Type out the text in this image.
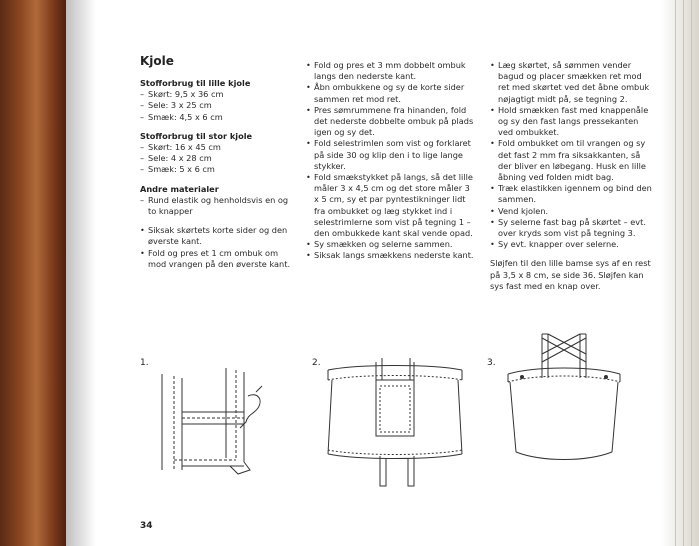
Kjole
Stofforbrug til lille kjole
– Skørt: 9,5 x 36 cm
– Sele: 3 x 25 cm
– Smæk: 4,5 x 6 cm
Stofforbrug til stor kjole
– Skørt: 16 x 45 cm
– Sele: 4 x 28 cm
– Smæk: 5 x 6 cm
Andre materialer
– Rund elastik og henholdsvis en og to knapper
• Siksak skørtets korte sider og den øverste kant.
• Fold og pres et 1 cm ombuk om mod vrangen på den øverste kant.
• Fold og pres et 3 mm dobbelt ombuk langs den nederste kant.
• Åbn ombukkene og sy de korte sider sammen ret mod ret.
• Pres sømrummene fra hinanden, fold det nederste dobbelte ombuk på plads igen og sy det.
• Fold selestrimlen som vist og forklaret på side 30 og klip den i to lige lange stykker.
• Fold smækstykket på langs, så det lille måler 3 x 4,5 cm og det store måler 3 x 5 cm, sy et par pyntestikninger lidt fra ombukket og læg stykket ind i selestrimlerne som vist på tegning 1 – den ombukkede kant skal vende opad.
• Sy smækken og selerne sammen.
• Siksak langs smækkens nederste kant.
• Læg skørtet, så sømmen vender bagud og placer smækken ret mod ret med skørtet ved det åbne ombuk nøjagtigt midt på, se tegning 2.
• Hold smækken fast med knappenåle og sy den fast langs pressekanten ved ombukket.
• Fold ombukket om til vrangen og sy det fast 2 mm fra siksakkanten, så der bliver en løbegang. Husk en lille åbning ved folden midt bag.
• Træk elastikken igennem og bind den sammen.
• Vend kjolen.
• Sy selerne fast bag på skørtet – evt. over kryds som vist på tegning 3.
• Sy evt. knapper over selerne.
Sløjfen til den lille bamse sys af en rest på 3,5 x 8 cm, se side 36. Sløjfen kan sys fast med en knap over.
1.	2.	3.
34
